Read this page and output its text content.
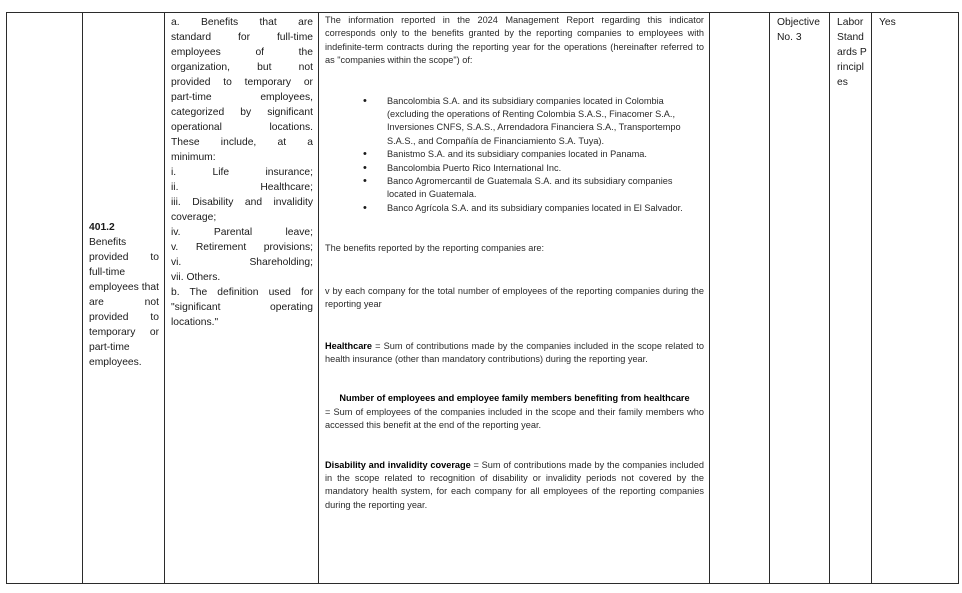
401.2
Benefits provided to full-time employees that are not provided to temporary or part-time employees.
a. Benefits that are
standard for full-time
employees of the
organization, but not
provided to temporary or
part-time employees,
categorized by significant
operational locations.
These include, at a
minimum:
i. Life insurance;
ii. Healthcare;
iii. Disability and invalidity
coverage;
iv. Parental leave;
v. Retirement provisions;
vi. Shareholding;
vii. Others.
b. The definition used for
"significant operating
locations."

The information reported in the 2024 Management Report regarding this indicator corresponds only to the benefits granted by the reporting companies to employees with indefinite-term contracts during the reporting year for the operations (hereinafter referred to as "companies within the scope") of:

• Bancolombia S.A. and its subsidiary companies located in Colombia (excluding the operations of Renting Colombia S.A.S., Finacomer S.A., Inversiones CNFS, S.A.S., Arrendadora Financiera S.A., Transportempo S.A.S., and Compañía de Financiamiento S.A. Tuya).
• Banistmo S.A. and its subsidiary companies located in Panama.
• Bancolombia Puerto Rico International Inc.
• Banco Agromercantil de Guatemala S.A. and its subsidiary companies located in Guatemala.
• Banco Agrícola S.A. and its subsidiary companies located in El Salvador.

The benefits reported by the reporting companies are:

v by each company for the total number of employees of the reporting companies during the reporting year

Healthcare = Sum of contributions made by the companies included in the scope related to health insurance (other than mandatory contributions) during the reporting year.

Number of employees and employee family members benefiting from healthcare
= Sum of employees of the companies included in the scope and their family members who accessed this benefit at the end of the reporting year.

Disability and invalidity coverage = Sum of contributions made by the companies included in the scope related to recognition of disability or invalidity periods not covered by the mandatory health system, for each company for all employees of the reporting companies during the reporting year.

Objective No. 3
Labor Standards Principles
Yes
